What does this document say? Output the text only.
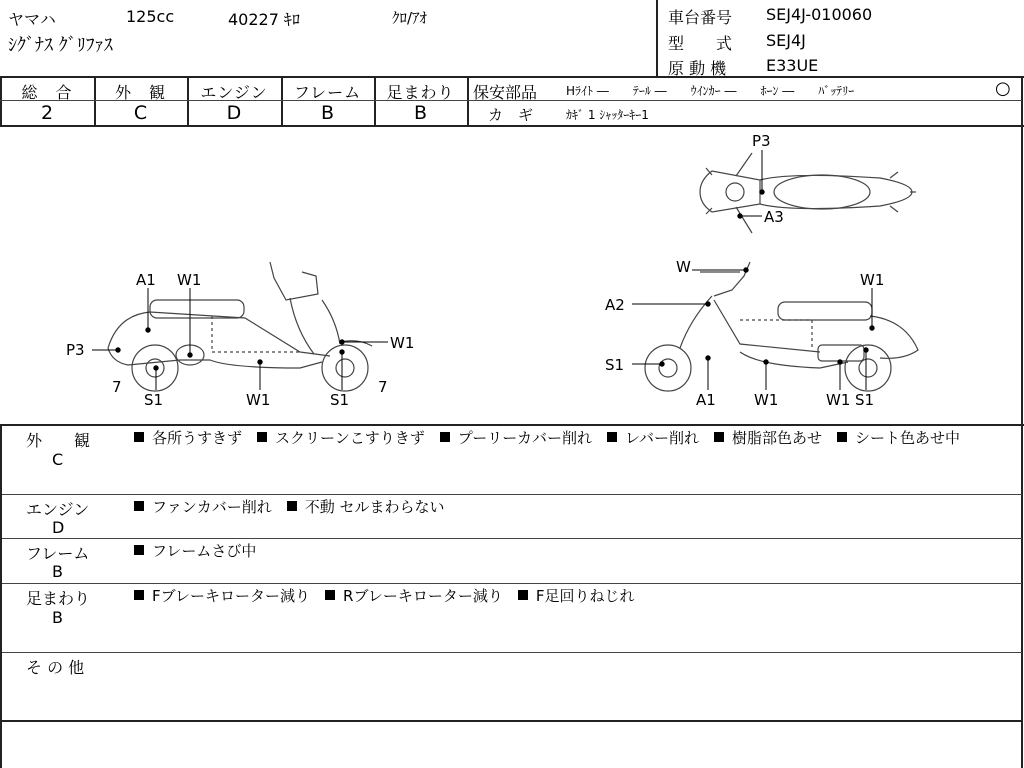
ヤマハ	125cc	40227 ｷﾛ	ｸﾛ/ｱｵ
ｼｸﾞﾅｽ ｸﾞﾘﾌｧｽ
車台番号 SEJ4J-010060
型　　式 SEJ4J
原 動 機 E33UE
総　合	外　観	エンジン	フレーム	足まわり
2	C	D	B	B
保安部品 Hﾗｲﾄ ―　　ﾃｰﾙ ―　　ｳｲﾝｶｰ ―　　ﾎｰﾝ ―　　ﾊﾞｯﾃﾘｰ	○
カ　ギ	ｶｷﾞ 1 ｼｬｯﾀｰｷｰ1
P3
A3
A1 W1
P3	W1
7
S1	W1	S1
7
W
W1
A2
S1
A1	W1	W1 S1
外　　観
C
各所うすきず　 スクリーンこすりきず　 プーリーカバー削れ　 レバー削れ　 樹脂部色あせ　 シート色あせ中
エンジン
D
ファンカバー削れ　 不動 セルまわらない
フレーム
B
フレームさび中
足まわり
B
Fブレーキローター減り　 Rブレーキローター減り　 F足回りねじれ
そ の 他
